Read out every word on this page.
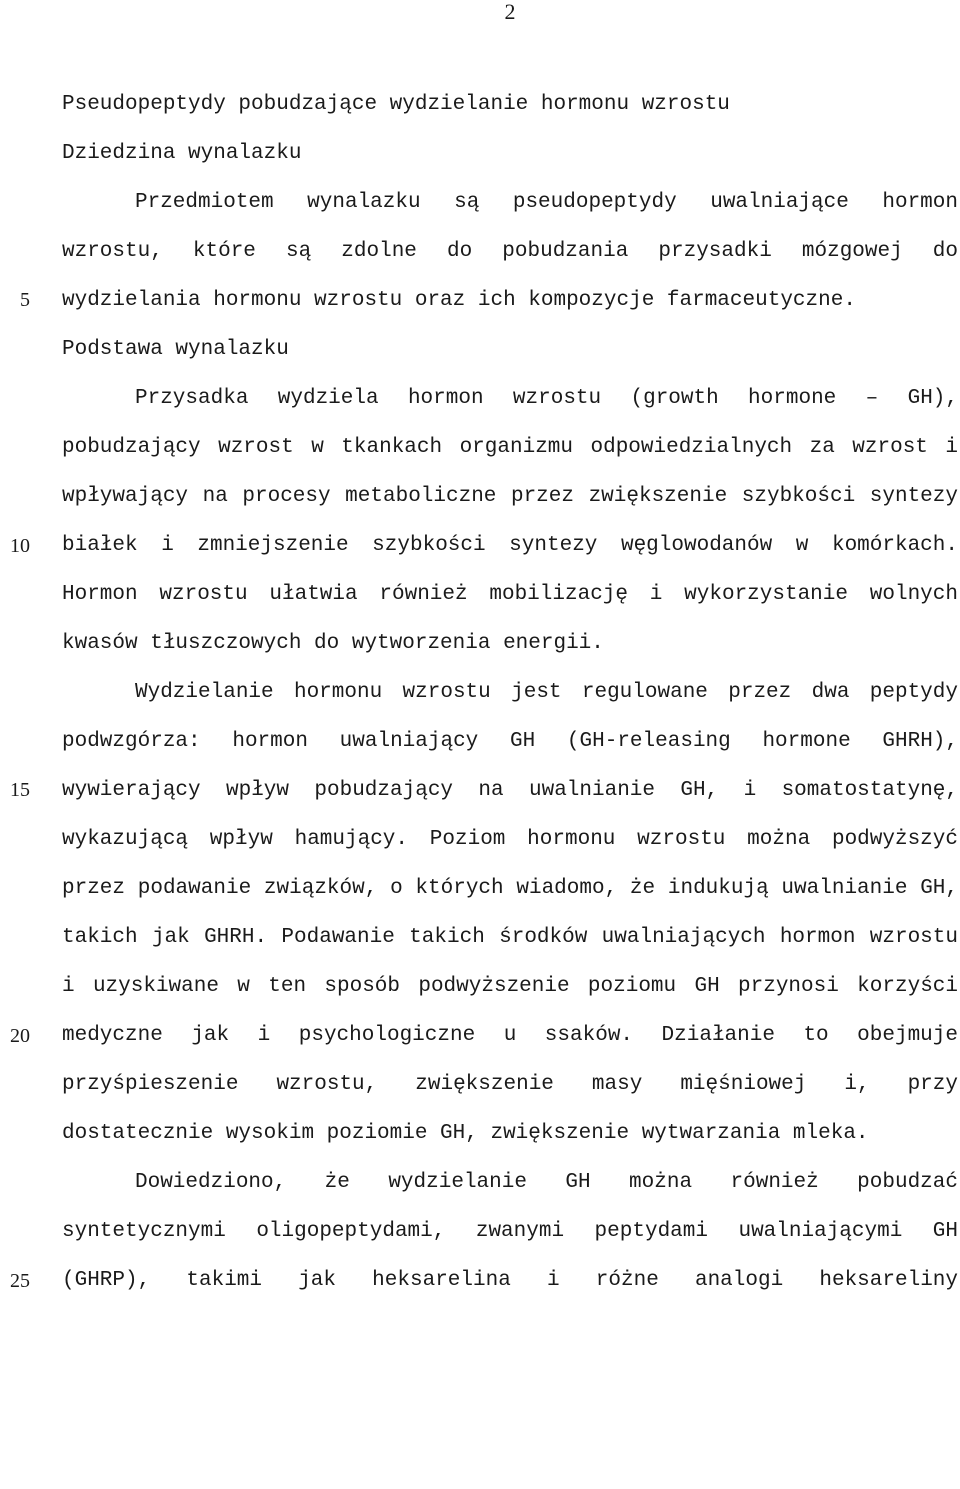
2
5
10
15
20
25

Pseudopeptydy pobudzające wydzielanie hormonu wzrostu

Dziedzina wynalazku

Przedmiotem wynalazku są pseudopeptydy uwalniające hormon wzrostu, które są zdolne do pobudzania przysadki mózgowej do wydzielania hormonu wzrostu oraz ich kompozycje farmaceutyczne.

Podstawa wynalazku

Przysadka wydziela hormon wzrostu (growth hormone – GH), pobudzający wzrost w tkankach organizmu odpowiedzialnych za wzrost i wpływający na procesy metaboliczne przez zwiększenie szybkości syntezy białek i zmniejszenie szybkości syntezy węglowodanów w komórkach. Hormon wzrostu ułatwia również mobilizację i wykorzystanie wolnych kwasów tłuszczowych do wytworzenia energii.

Wydzielanie hormonu wzrostu jest regulowane przez dwa peptydy podwzgórza: hormon uwalniający GH (GH-releasing hormone GHRH), wywierający wpływ pobudzający na uwalnianie GH, i somatostatynę, wykazującą wpływ hamujący. Poziom hormonu wzrostu można podwyższyć przez podawanie związków, o których wiadomo, że indukują uwalnianie GH, takich jak GHRH. Podawanie takich środków uwalniających hormon wzrostu i uzyskiwane w ten sposób podwyższenie poziomu GH przynosi korzyści medyczne jak i psychologiczne u ssaków. Działanie to obejmuje przyśpieszenie wzrostu, zwiększenie masy mięśniowej i, przy dostatecznie wysokim poziomie GH, zwiększenie wytwarzania mleka.

Dowiedziono, że wydzielanie GH można również pobudzać syntetycznymi oligopeptydami, zwanymi peptydami uwalniającymi GH (GHRP), takimi jak heksarelina i różne analogi heksareliny
